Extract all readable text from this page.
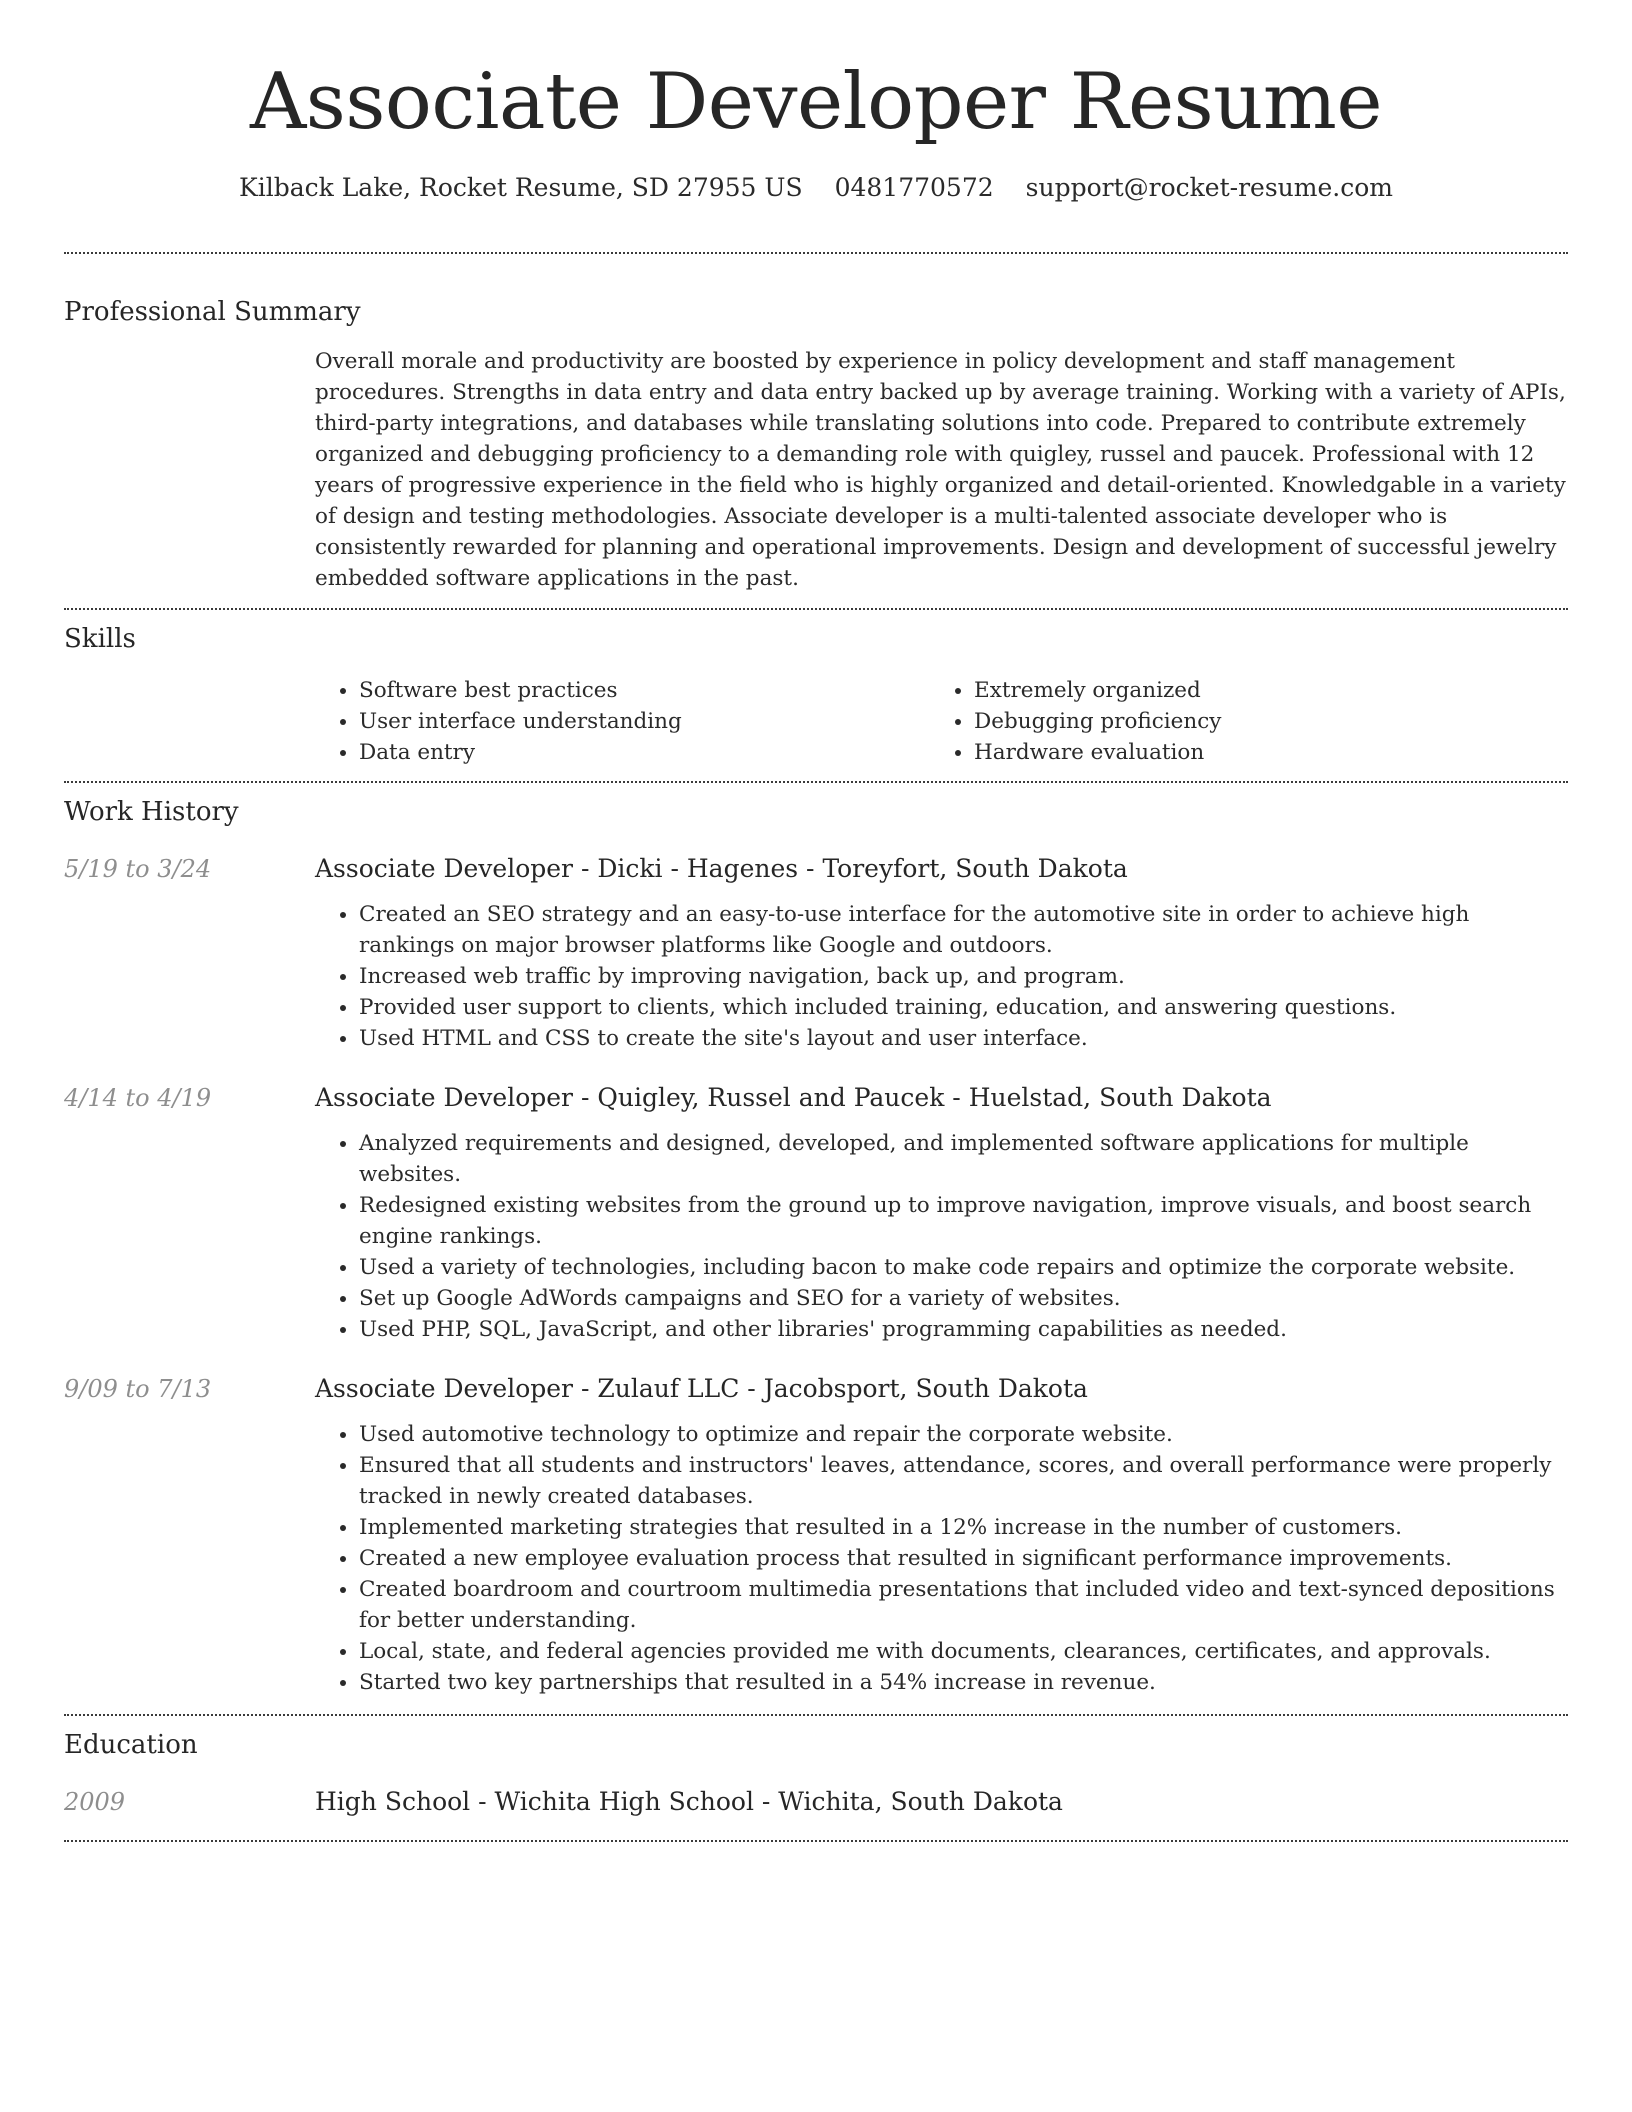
Associate Developer Resume
Kilback Lake, Rocket Resume, SD 27955 US 0481770572 support@rocket-resume.com
Professional Summary

Overall morale and productivity are boosted by experience in policy development and staff management procedures. Strengths in data entry and data entry backed up by average training. Working with a variety of APIs, third-party integrations, and databases while translating solutions into code. Prepared to contribute extremely organized and debugging proficiency to a demanding role with quigley, russel and paucek. Professional with 12 years of progressive experience in the field who is highly organized and detail-oriented. Knowledgable in a variety of design and testing methodologies. Associate developer is a multi-talented associate developer who is consistently rewarded for planning and operational improvements. Design and development of successful jewelry embedded software applications in the past.

Skills
• Software best practices
• User interface understanding
• Data entry
• Extremely organized
• Debugging proficiency
• Hardware evaluation
Work History
5/19 to 3/24	Associate Developer - Dicki - Hagenes - Toreyfort, South Dakota
• Created an SEO strategy and an easy-to-use interface for the automotive site in order to achieve high rankings on major browser platforms like Google and outdoors.
• Increased web traffic by improving navigation, back up, and program.
• Provided user support to clients, which included training, education, and answering questions.
• Used HTML and CSS to create the site's layout and user interface.
4/14 to 4/19	Associate Developer - Quigley, Russel and Paucek - Huelstad, South Dakota
• Analyzed requirements and designed, developed, and implemented software applications for multiple websites.
• Redesigned existing websites from the ground up to improve navigation, improve visuals, and boost search engine rankings.
• Used a variety of technologies, including bacon to make code repairs and optimize the corporate website.
• Set up Google AdWords campaigns and SEO for a variety of websites.
• Used PHP, SQL, JavaScript, and other libraries' programming capabilities as needed.
9/09 to 7/13	Associate Developer - Zulauf LLC - Jacobsport, South Dakota
• Used automotive technology to optimize and repair the corporate website.
• Ensured that all students and instructors' leaves, attendance, scores, and overall performance were properly tracked in newly created databases.
• Implemented marketing strategies that resulted in a 12% increase in the number of customers.
• Created a new employee evaluation process that resulted in significant performance improvements.
• Created boardroom and courtroom multimedia presentations that included video and text-synced depositions for better understanding.
• Local, state, and federal agencies provided me with documents, clearances, certificates, and approvals.
• Started two key partnerships that resulted in a 54% increase in revenue.
Education
2009	High School - Wichita High School - Wichita, South Dakota
